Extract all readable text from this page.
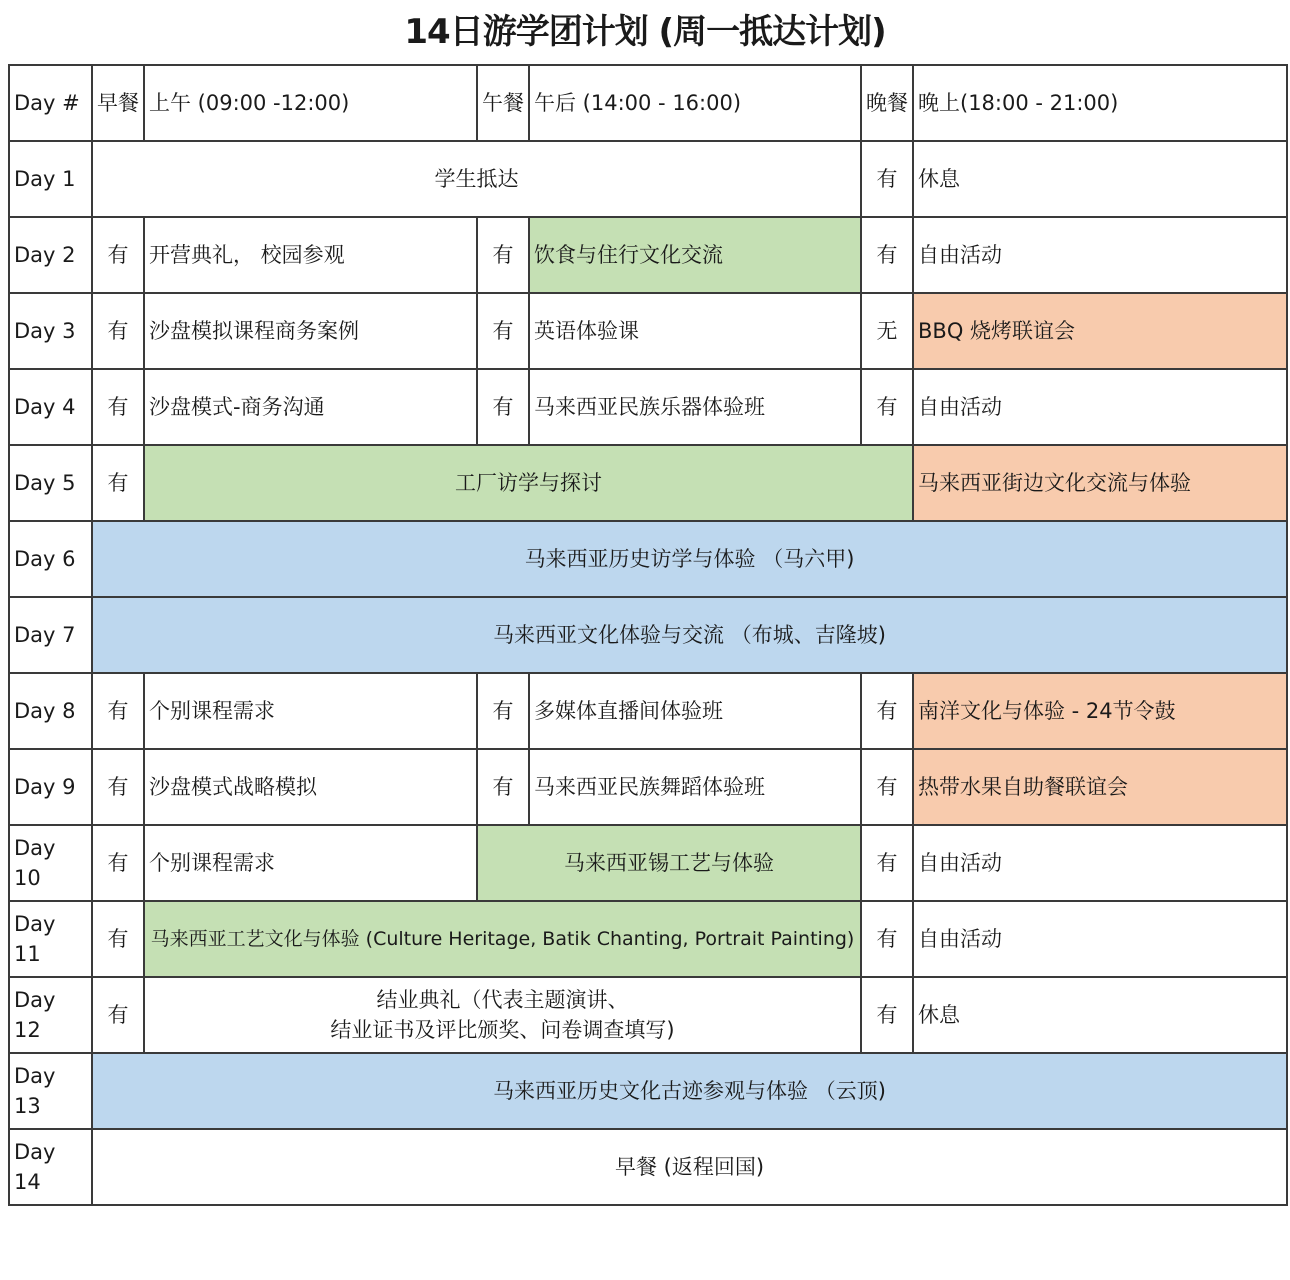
14日游学团计划 (周一抵达计划)
Day #	早餐	上午 (09:00 -12:00)	午餐	午后 (14:00 - 16:00)	晚餐	晚上(18:00 - 21:00)
Day 1	学生抵达				有	休息
Day 2	有	开营典礼， 校园参观	有	饮食与住行文化交流	有	自由活动
Day 3	有	沙盘模拟课程商务案例	有	英语体验课	无	BBQ 烧烤联谊会
Day 4	有	沙盘模式-商务沟通	有	马来西亚民族乐器体验班	有	自由活动
Day 5	有	工厂访学与探讨				马来西亚街边文化交流与体验
Day 6	马来西亚历史访学与体验 （马六甲)					
Day 7	马来西亚文化体验与交流 （布城、吉隆坡)					
Day 8	有	个别课程需求	有	多媒体直播间体验班	有	南洋文化与体验 - 24节令鼓
Day 9	有	沙盘模式战略模拟	有	马来西亚民族舞蹈体验班	有	热带水果自助餐联谊会
Day 10	有	个别课程需求	马来西亚锡工艺与体验		有	自由活动
Day 11	有	马来西亚工艺文化与体验 (Culture Heritage, Batik Chanting, Portrait Painting)			有	自由活动
Day 12	有	结业典礼（代表主题演讲、
结业证书及评比颁奖、问卷调查填写)			有	休息
Day 13	马来西亚历史文化古迹参观与体验 （云顶)					
Day 14	早餐 (返程回国)					
